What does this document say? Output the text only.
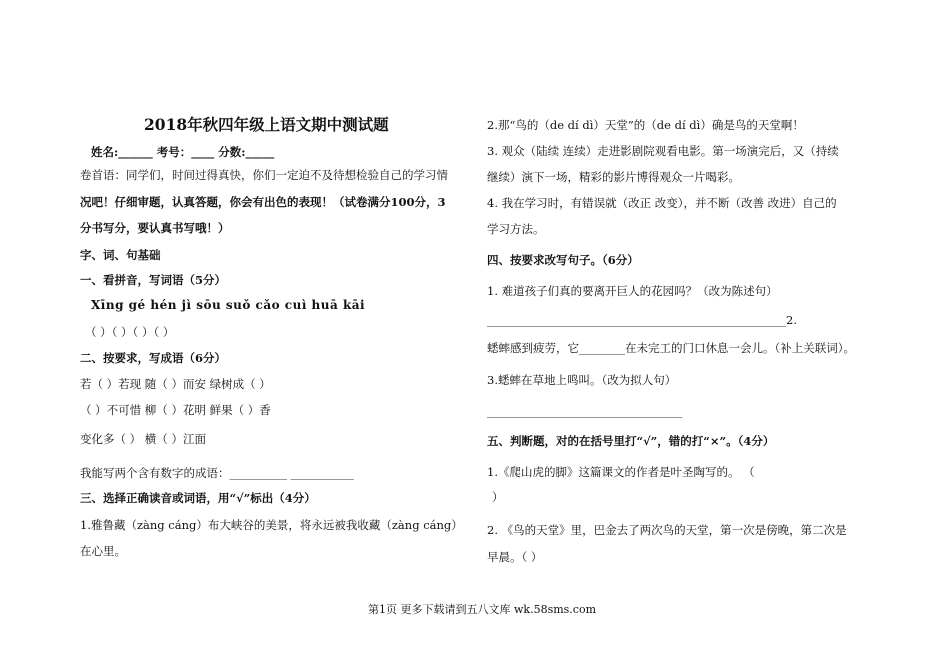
2018年秋四年级上语文期中测试题
姓名:______ 考号：____ 分数:_____
卷首语：同学们，时间过得真快，你们一定迫不及待想检验自己的学习情
况吧！仔细审题，认真答题，你会有出色的表现！（试卷满分100分，3
分书写分，要认真书写哦！）
字、词、句基础
一、看拼音，写词语（5分）
Xīng gé hén jì sōu suǒ cǎo cuì huā kāi
（ ）（ ）（ ）（ ）
二、按要求，写成语（6分）
若（ ）若现 随（ ）而安 绿树成（ ）
（ ）不可惜 柳（ ）花明 鲜果（ ）香
变化多（ ） 横（ ）江面
我能写两个含有数字的成语：__________ ___________
三、选择正确读音或词语，用“√”标出（4分）
1.雅鲁藏（zàng cáng）布大峡谷的美景，将永远被我收藏（zàng cáng）
在心里。
2.那“鸟的（de dí dì）天堂”的（de dí dì）确是鸟的天堂啊！
3. 观众（陆续 连续）走进影剧院观看电影。第一场演完后，又（持续
继续）演下一场，精彩的影片博得观众一片喝彩。
4. 我在学习时，有错误就（改正 改变），并不断（改善 改进）自己的
学习方法。
四、按要求改写句子。（6分）
1. 难道孩子们真的要离开巨人的花园吗？（改为陈述句）
____________________________________________________2.
蟋蟀感到疲劳，它________在未完工的门口休息一会儿。（补上关联词）。
3.蟋蟀在草地上鸣叫。（改为拟人句）
__________________________________
五、判断题，对的在括号里打“√”，错的打“×”。（4分）
1.《爬山虎的脚》这篇课文的作者是叶圣陶写的。 （
）
2. 《鸟的天堂》里，巴金去了两次鸟的天堂，第一次是傍晚，第二次是
早晨。（ ）
第1页 更多下载请到五八文库 wk.58sms.com
